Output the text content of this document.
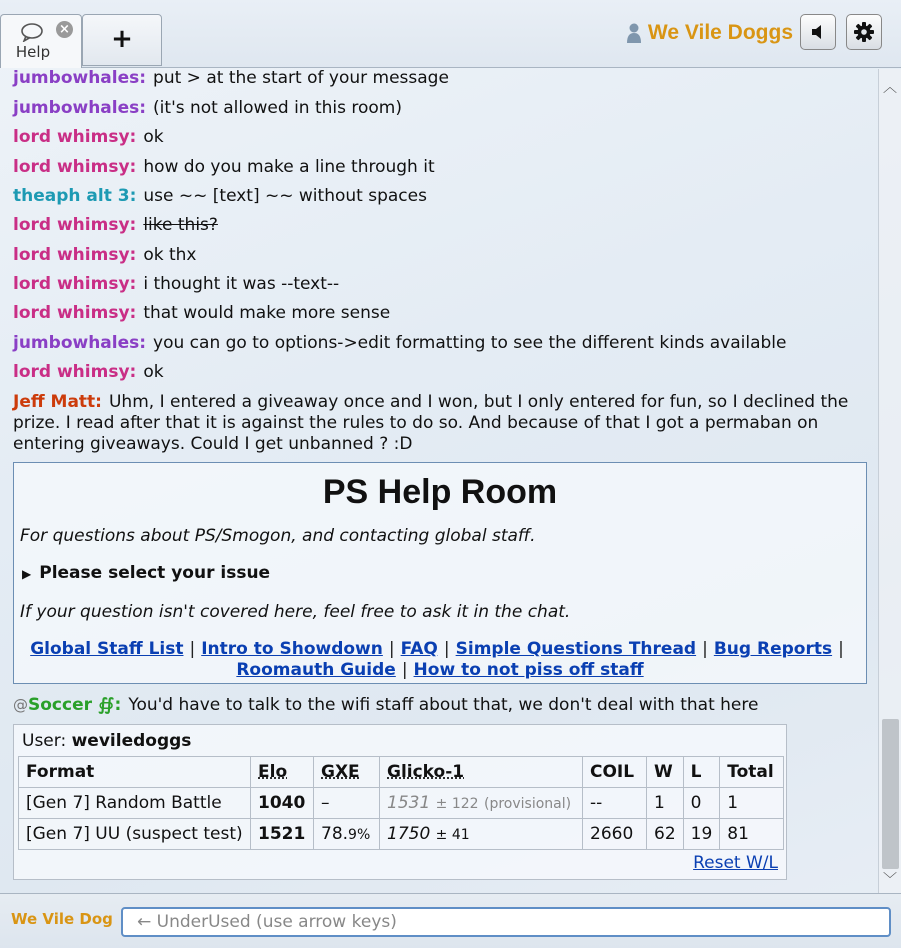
×
Help	+	We Vile Doggs
jumbowhales: put > at the start of your message
jumbowhales: (it's not allowed in this room)
lord whimsy: ok
lord whimsy: how do you make a line through it
theaph alt 3: use ~~ [text] ~~ without spaces
lord whimsy: like this?
lord whimsy: ok thx
lord whimsy: i thought it was --text--
lord whimsy: that would make more sense
jumbowhales: you can go to options->edit formatting to see the different kinds available
lord whimsy: ok
Jeff Matt: Uhm, I entered a giveaway once and I won, but I only entered for fun, so I declined the prize. I read after that it is against the rules to do so. And because of that I got a permaban on entering giveaways. Could I get unbanned ? :D
PS Help Room
For questions about PS/Smogon, and contacting global staff.
▶ Please select your issue
If your question isn't covered here, feel free to ask it in the chat.
Global Staff List | Intro to Showdown | FAQ | Simple Questions Thread | Bug Reports |
Roomauth Guide | How to not piss off staff
@Soccer ∯: You'd have to talk to the wifi staff about that, we don't deal with that here
User: weviledoggs
Format	Elo	GXE	Glicko-1	COIL	W	L	Total
[Gen 7] Random Battle	1040	–	1531 ± 122 (provisional)	--	1	0	1
[Gen 7] UU (suspect test)	1521	78.9%	1750 ± 41	2660	62	19	81
Reset W/L
︿
﹀
We Vile Dog	← UnderUsed (use arrow keys)
